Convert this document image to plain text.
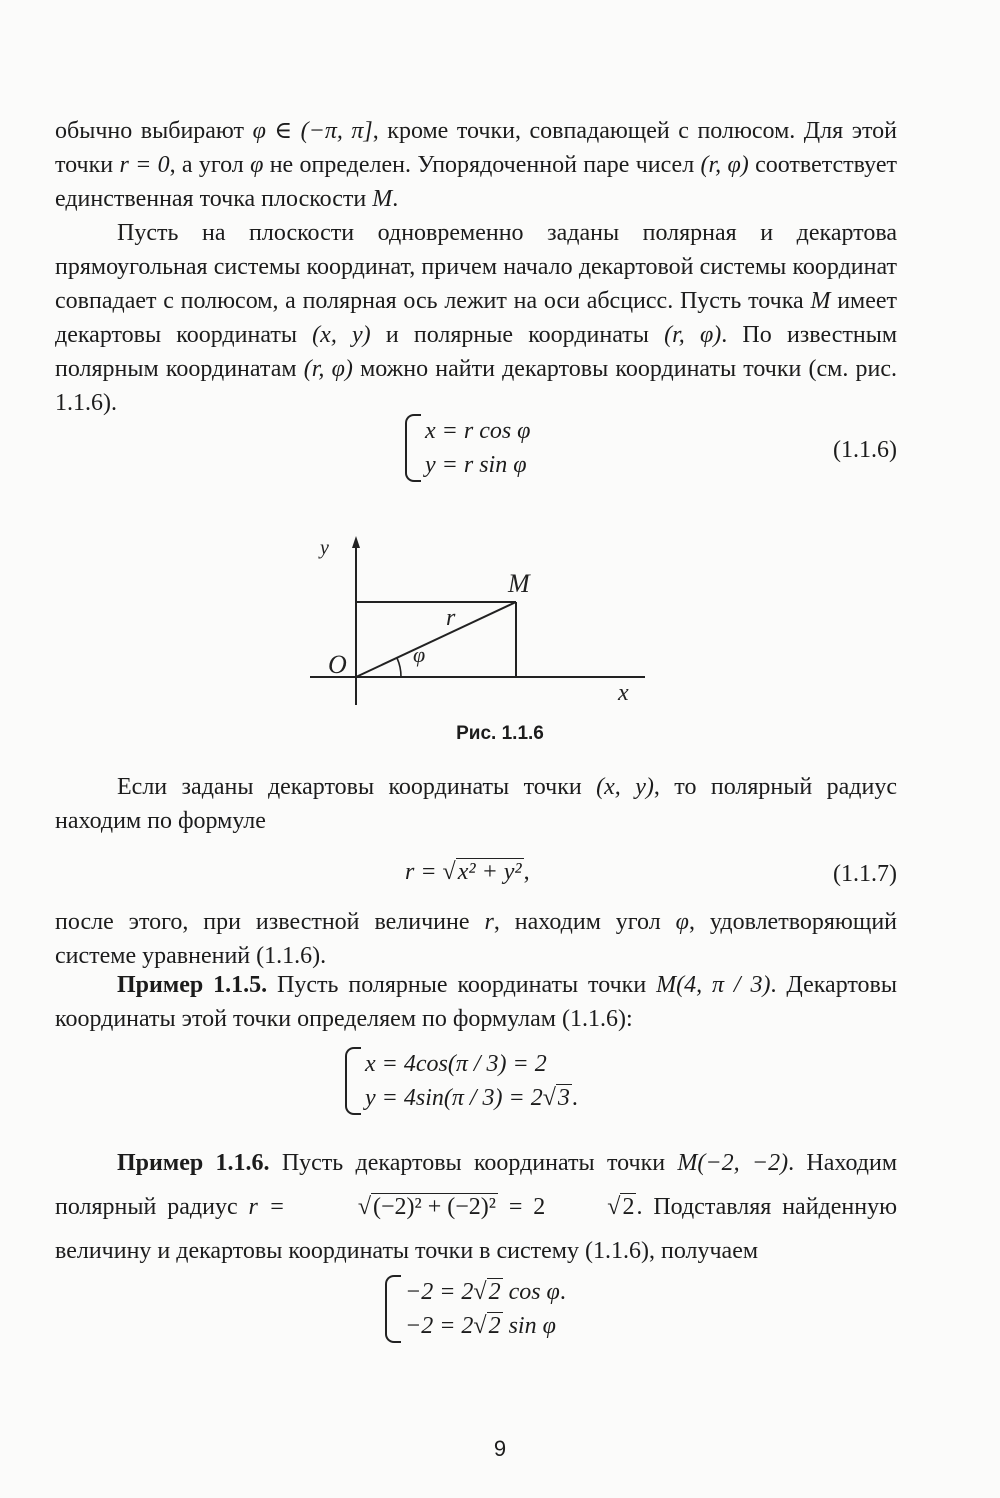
обычно выбирают φ ∈ (−π, π], кроме точки, совпадающей с полюсом. Для этой точки r = 0, а угол φ не определен. Упорядоченной паре чисел (r, φ) соответствует единственная точка плоскости M.

Пусть на плоскости одновременно заданы полярная и декартова прямоугольная системы координат, причем начало декартовой системы координат совпадает с полюсом, а полярная ось лежит на оси абсцисс. Пусть точка M имеет декартовы координаты (x, y) и полярные координаты (r, φ). По известным полярным координатам (r, φ) можно найти декартовы координаты точки (см. рис. 1.1.6).

x = r cos φ
y = r sin φ
(1.1.6)
y
M
r
φ
O
x
Рис. 1.1.6

Если заданы декартовы координаты точки (x, y), то полярный радиус находим по формуле

r = √x² + y²,	(1.1.7)

после этого, при известной величине r, находим угол φ, удовлетворяющий системе уравнений (1.1.6).

Пример 1.1.5. Пусть полярные координаты точки M(4, π / 3). Декартовы координаты этой точки определяем по формулам (1.1.6):

x = 4cos(π / 3) = 2
y = 4sin(π / 3) = 2√3.

Пример 1.1.6. Пусть декартовы координаты точки M(−2, −2). Находим полярный радиус r =	√(−2)² + (−2)² = 2	√2. Подставляя найденную величину и декартовы координаты точки в систему (1.1.6), получаем

−2 = 2√2 cos φ.
−2 = 2√2 sin φ
9
